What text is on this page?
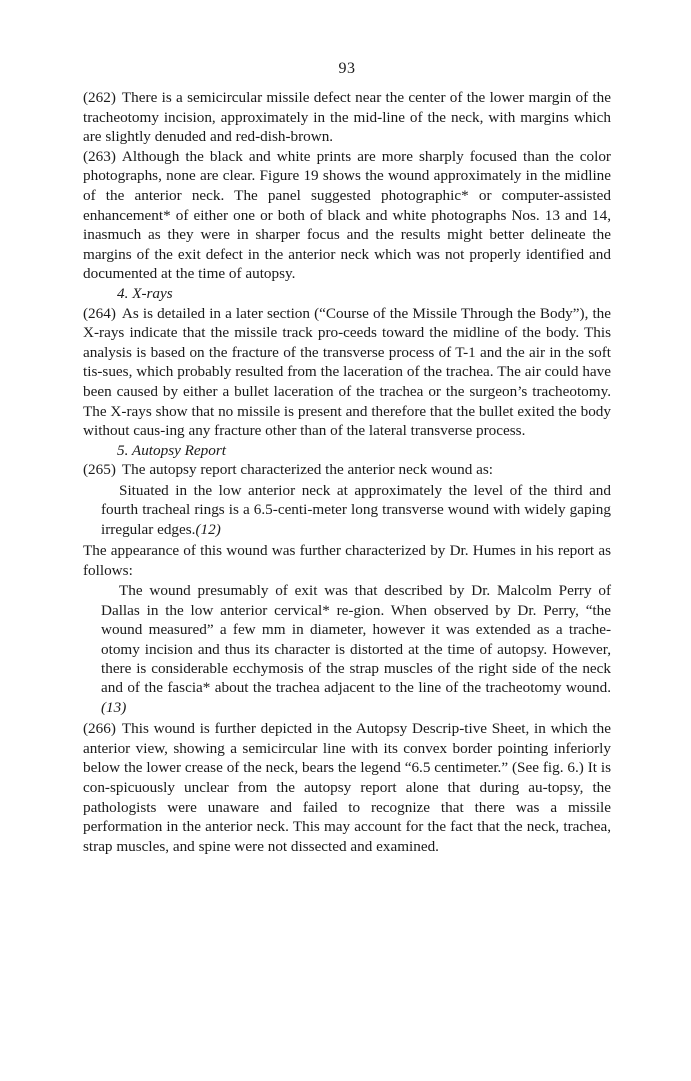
93

(262) There is a semicircular missile defect near the center of the lower margin of the tracheotomy incision, approximately in the mid-line of the neck, with margins which are slightly denuded and red-dish-brown.

(263) Although the black and white prints are more sharply focused than the color photographs, none are clear. Figure 19 shows the wound approximately in the midline of the anterior neck. The panel suggested photographic* or computer-assisted enhancement* of either one or both of black and white photographs Nos. 13 and 14, inasmuch as they were in sharper focus and the results might better delineate the margins of the exit defect in the anterior neck which was not properly identified and documented at the time of autopsy.

4. X-rays

(264) As is detailed in a later section (“Course of the Missile Through the Body”), the X-rays indicate that the missile track pro-ceeds toward the midline of the body. This analysis is based on the fracture of the transverse process of T-1 and the air in the soft tis-sues, which probably resulted from the laceration of the trachea. The air could have been caused by either a bullet laceration of the trachea or the surgeon’s tracheotomy. The X-rays show that no missile is present and therefore that the bullet exited the body without caus-ing any fracture other than of the lateral transverse process.

5. Autopsy Report

(265) The autopsy report characterized the anterior neck wound as:

Situated in the low anterior neck at approximately the level of the third and fourth tracheal rings is a 6.5-centi-meter long transverse wound with widely gaping irregular edges.(12)

The appearance of this wound was further characterized by Dr. Humes in his report as follows:

The wound presumably of exit was that described by Dr. Malcolm Perry of Dallas in the low anterior cervical* re-gion. When observed by Dr. Perry, “the wound measured” a few mm in diameter, however it was extended as a trache-otomy incision and thus its character is distorted at the time of autopsy. However, there is considerable ecchymosis of the strap muscles of the right side of the neck and of the fascia* about the trachea adjacent to the line of the tracheotomy wound.(13)

(266) This wound is further depicted in the Autopsy Descrip-tive Sheet, in which the anterior view, showing a semicircular line with its convex border pointing inferiorly below the lower crease of the neck, bears the legend “6.5 centimeter.” (See fig. 6.) It is con-spicuously unclear from the autopsy report alone that during au-topsy, the pathologists were unaware and failed to recognize that there was a missile performation in the anterior neck. This may account for the fact that the neck, trachea, strap muscles, and spine were not dissected and examined.
